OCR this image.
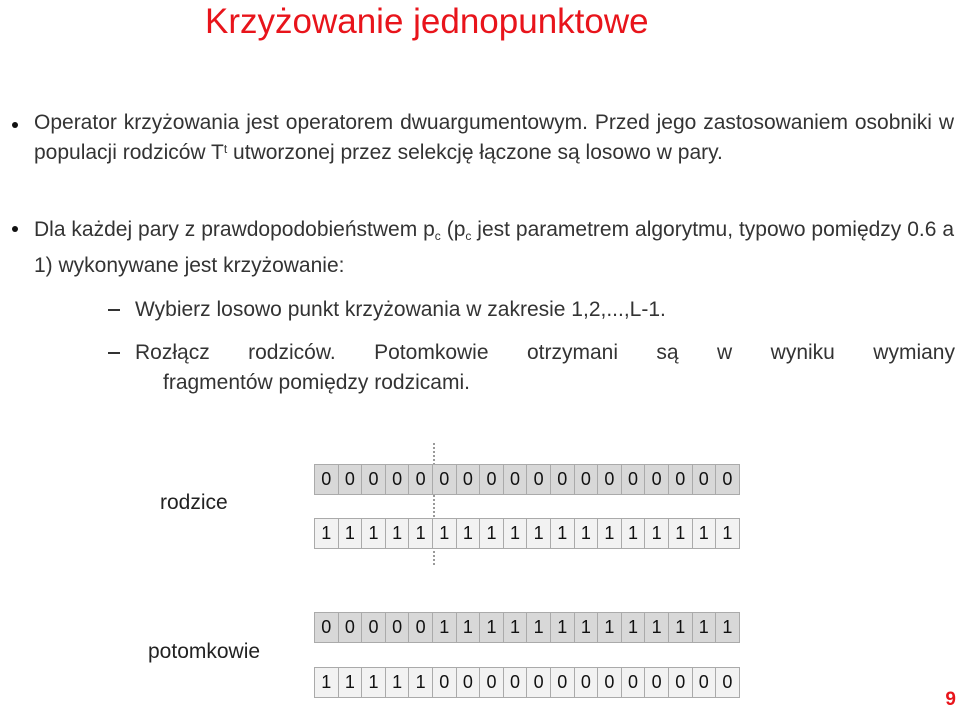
Krzyżowanie jednopunktowe
Operator krzyżowania jest operatorem dwuargumentowym. Przed jego zastosowaniem osobniki w populacji rodziców $T^t$ utworzonej przez selekcję łączone są losowo w pary.
Dla każdej pary z prawdopodobieństwem $p_c$ ($p_c$ jest parametrem algorytmu, typowo pomiędzy 0.6 a 1) wykonywane jest krzyżowanie:
Wybierz losowo punkt krzyżowania w zakresie 1,2,...,L-1.
Rozłącz rodziców. Potomkowie otrzymani są w wyniku wymiany
fragmentów pomiędzy rodzicami.
rodzice
0 0 0 0 0 0 0 0 0 0 0 0 0 0 0 0 0 0
1 1 1 1 1 1 1 1 1 1 1 1 1 1 1 1 1 1
potomkowie
0 0 0 0 0 1 1 1 1 1 1 1 1 1 1 1 1 1
1 1 1 1 1 0 0 0 0 0 0 0 0 0 0 0 0 0
9
